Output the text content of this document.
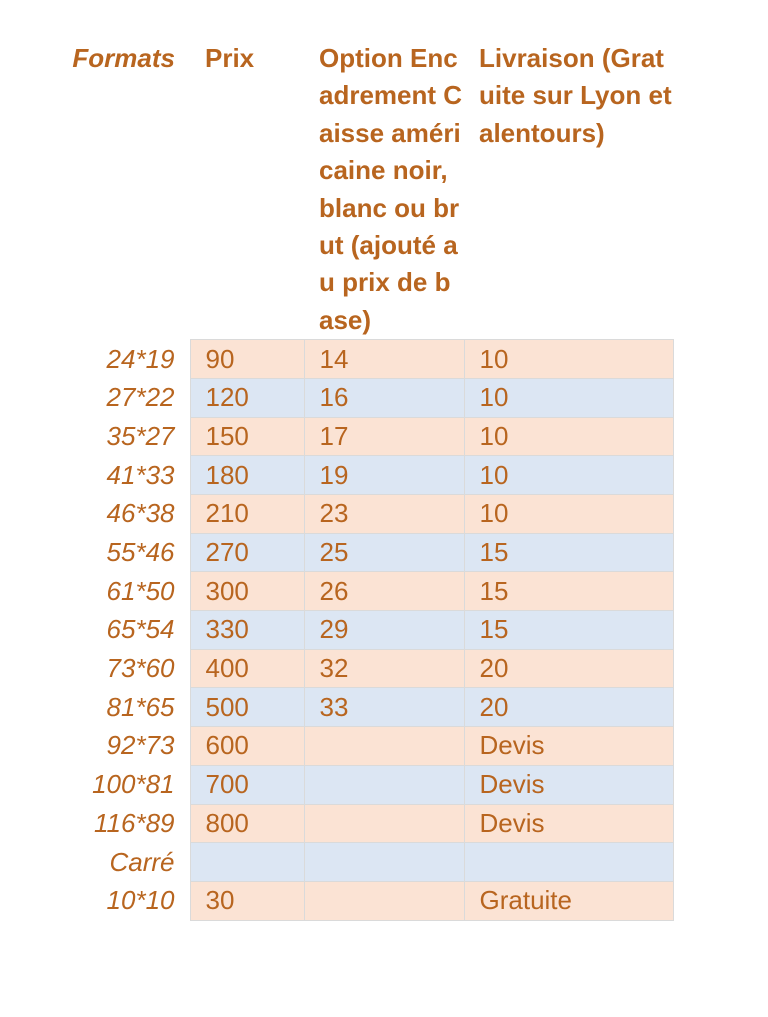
Formats	Prix	Option Encadrement Caisse américaine noir, blanc ou brut (ajouté au prix de base)	Livraison (Gratuite sur Lyon et alentours)
24*19	90	14	10
27*22	120	16	10
35*27	150	17	10
41*33	180	19	10
46*38	210	23	10
55*46	270	25	15
61*50	300	26	15
65*54	330	29	15
73*60	400	32	20
81*65	500	33	20
92*73	600		Devis
100*81	700		Devis
116*89	800		Devis
Carré			
10*10	30		Gratuite
